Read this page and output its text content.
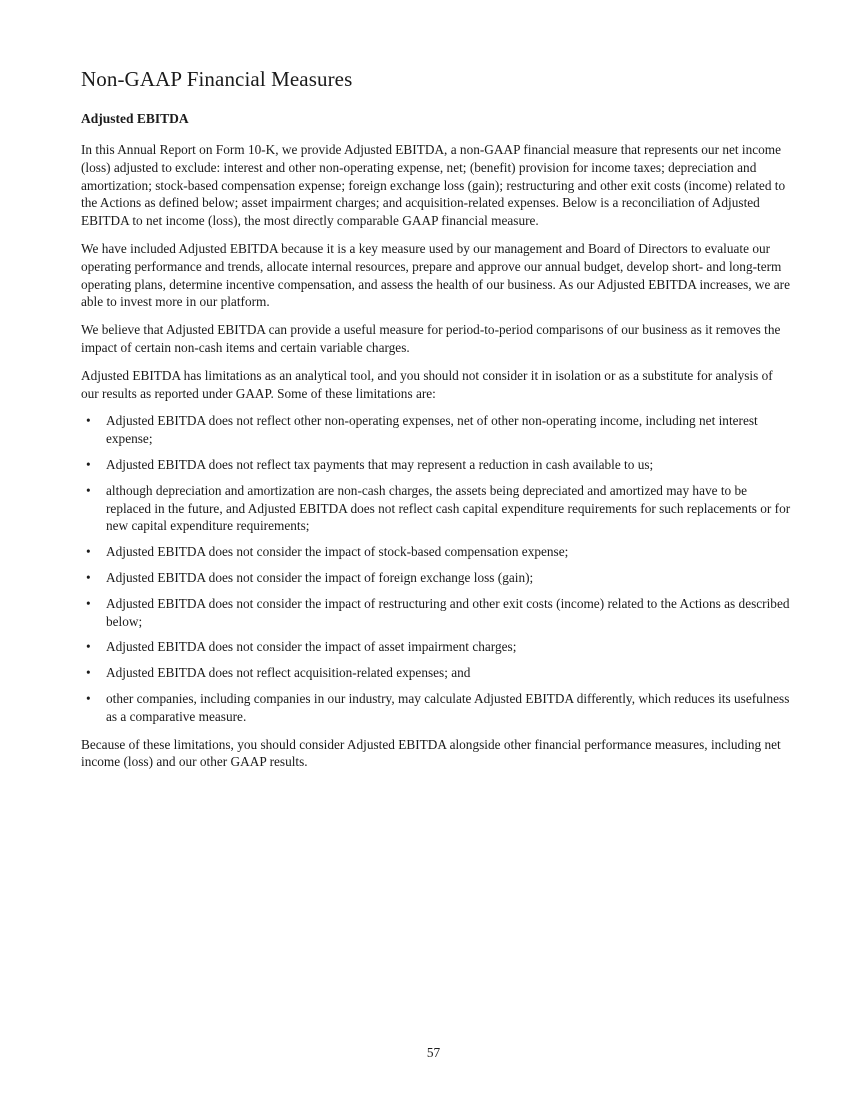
Non-GAAP Financial Measures
Adjusted EBITDA

In this Annual Report on Form 10-K, we provide Adjusted EBITDA, a non-GAAP financial measure that represents our net income (loss) adjusted to exclude: interest and other non-operating expense, net; (benefit) provision for income taxes; depreciation and amortization; stock-based compensation expense; foreign exchange loss (gain); restructuring and other exit costs (income) related to the Actions as defined below; asset impairment charges; and acquisition-related expenses. Below is a reconciliation of Adjusted EBITDA to net income (loss), the most directly comparable GAAP financial measure.

We have included Adjusted EBITDA because it is a key measure used by our management and Board of Directors to evaluate our operating performance and trends, allocate internal resources, prepare and approve our annual budget, develop short- and long-term operating plans, determine incentive compensation, and assess the health of our business. As our Adjusted EBITDA increases, we are able to invest more in our platform.

We believe that Adjusted EBITDA can provide a useful measure for period-to-period comparisons of our business as it removes the impact of certain non-cash items and certain variable charges.

Adjusted EBITDA has limitations as an analytical tool, and you should not consider it in isolation or as a substitute for analysis of our results as reported under GAAP. Some of these limitations are:

• Adjusted EBITDA does not reflect other non-operating expenses, net of other non-operating income, including net interest expense;
• Adjusted EBITDA does not reflect tax payments that may represent a reduction in cash available to us;
• although depreciation and amortization are non-cash charges, the assets being depreciated and amortized may have to be replaced in the future, and Adjusted EBITDA does not reflect cash capital expenditure requirements for such replacements or for new capital expenditure requirements;
• Adjusted EBITDA does not consider the impact of stock-based compensation expense;
• Adjusted EBITDA does not consider the impact of foreign exchange loss (gain);
• Adjusted EBITDA does not consider the impact of restructuring and other exit costs (income) related to the Actions as described below;
• Adjusted EBITDA does not consider the impact of asset impairment charges;
• Adjusted EBITDA does not reflect acquisition-related expenses; and
• other companies, including companies in our industry, may calculate Adjusted EBITDA differently, which reduces its usefulness as a comparative measure.

Because of these limitations, you should consider Adjusted EBITDA alongside other financial performance measures, including net income (loss) and our other GAAP results.

57
